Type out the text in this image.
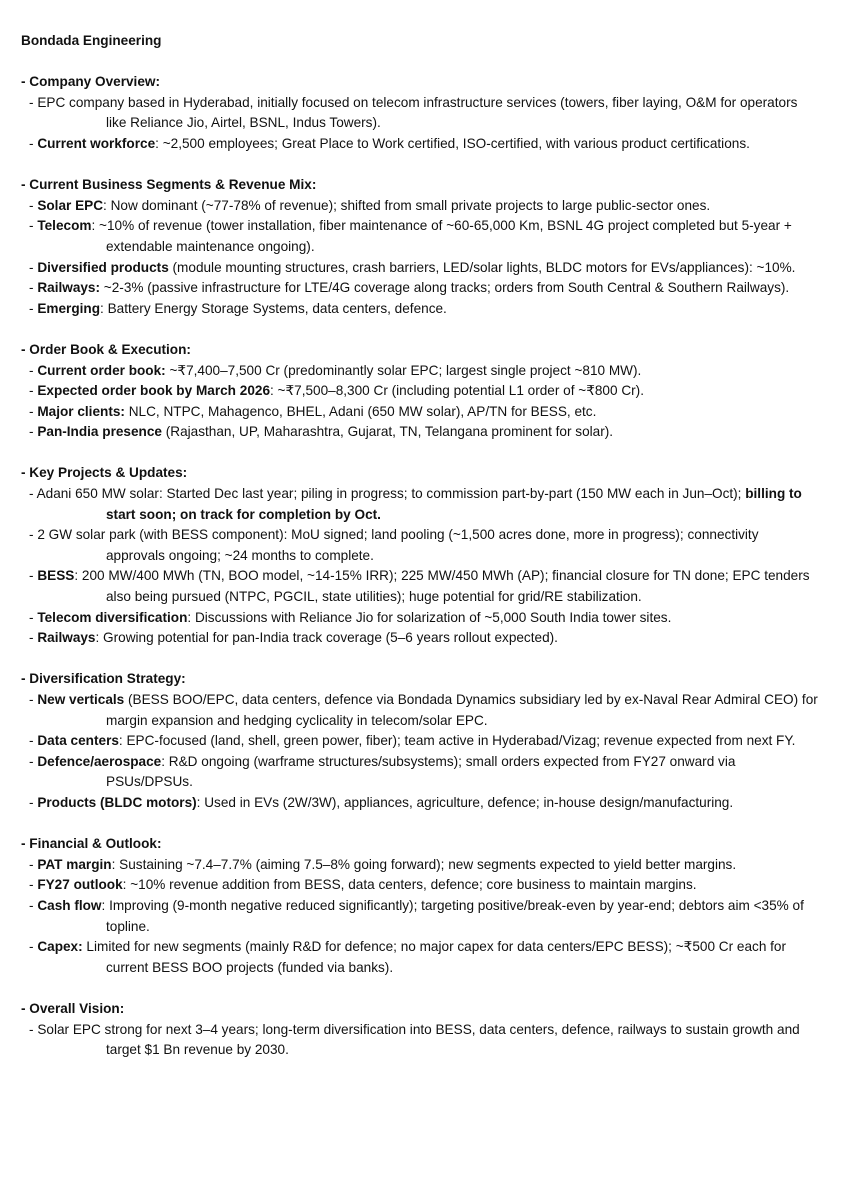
Bondada Engineering
- Company Overview:
- EPC company based in Hyderabad, initially focused on telecom infrastructure services (towers, fiber laying, O&M for operators like Reliance Jio, Airtel, BSNL, Indus Towers).
- Current workforce: ~2,500 employees; Great Place to Work certified, ISO-certified, with various product certifications.
- Current Business Segments & Revenue Mix:
- Solar EPC: Now dominant (~77-78% of revenue); shifted from small private projects to large public-sector ones.
- Telecom: ~10% of revenue (tower installation, fiber maintenance of ~60-65,000 Km, BSNL 4G project completed but 5-year + extendable maintenance ongoing).
- Diversified products (module mounting structures, crash barriers, LED/solar lights, BLDC motors for EVs/appliances): ~10%.
- Railways: ~2-3% (passive infrastructure for LTE/4G coverage along tracks; orders from South Central & Southern Railways).
- Emerging: Battery Energy Storage Systems, data centers, defence.
- Order Book & Execution:
- Current order book: ~₹7,400–7,500 Cr (predominantly solar EPC; largest single project ~810 MW).
- Expected order book by March 2026: ~₹7,500–8,300 Cr (including potential L1 order of ~₹800 Cr).
- Major clients: NLC, NTPC, Mahagenco, BHEL, Adani (650 MW solar), AP/TN for BESS, etc.
- Pan-India presence (Rajasthan, UP, Maharashtra, Gujarat, TN, Telangana prominent for solar).
- Key Projects & Updates:
- Adani 650 MW solar: Started Dec last year; piling in progress; to commission part-by-part (150 MW each in Jun–Oct); billing to start soon; on track for completion by Oct.
- 2 GW solar park (with BESS component): MoU signed; land pooling (~1,500 acres done, more in progress); connectivity approvals ongoing; ~24 months to complete.
- BESS: 200 MW/400 MWh (TN, BOO model, ~14-15% IRR); 225 MW/450 MWh (AP); financial closure for TN done; EPC tenders also being pursued (NTPC, PGCIL, state utilities); huge potential for grid/RE stabilization.
- Telecom diversification: Discussions with Reliance Jio for solarization of ~5,000 South India tower sites.
- Railways: Growing potential for pan-India track coverage (5–6 years rollout expected).
- Diversification Strategy:
- New verticals (BESS BOO/EPC, data centers, defence via Bondada Dynamics subsidiary led by ex-Naval Rear Admiral CEO) for margin expansion and hedging cyclicality in telecom/solar EPC.
- Data centers: EPC-focused (land, shell, green power, fiber); team active in Hyderabad/Vizag; revenue expected from next FY.
- Defence/aerospace: R&D ongoing (warframe structures/subsystems); small orders expected from FY27 onward via PSUs/DPSUs.
- Products (BLDC motors): Used in EVs (2W/3W), appliances, agriculture, defence; in-house design/manufacturing.
- Financial & Outlook:
- PAT margin: Sustaining ~7.4–7.7% (aiming 7.5–8% going forward); new segments expected to yield better margins.
- FY27 outlook: ~10% revenue addition from BESS, data centers, defence; core business to maintain margins.
- Cash flow: Improving (9-month negative reduced significantly); targeting positive/break-even by year-end; debtors aim <35% of topline.
- Capex: Limited for new segments (mainly R&D for defence; no major capex for data centers/EPC BESS); ~₹500 Cr each for current BESS BOO projects (funded via banks).
- Overall Vision:
- Solar EPC strong for next 3–4 years; long-term diversification into BESS, data centers, defence, railways to sustain growth and target $1 Bn revenue by 2030.
